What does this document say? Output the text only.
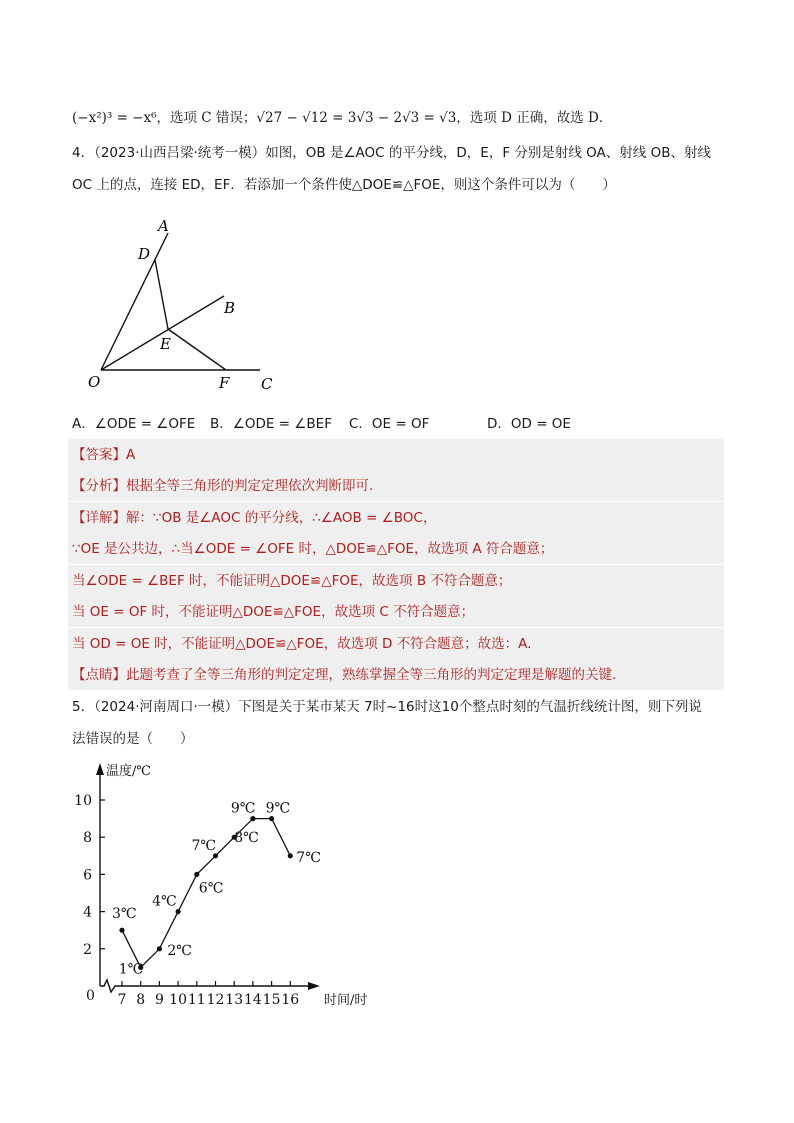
(−x²)³ = −x⁶，选项 C 错误；√27 − √12 = 3√3 − 2√3 = √3，选项 D 正确，故选 D．
4．（2023·山西吕梁·统考一模）如图，OB 是∠AOC 的平分线，D，E，F 分别是射线 OA、射线 OB、射线
OC 上的点，连接 ED，EF．若添加一个条件使△DOE≌△FOE，则这个条件可以为（　　）
A
D
B
E
O	F C
A．∠ODE = ∠OFE B．∠ODE = ∠BEF C．OE = OF	D．OD = OE
【答案】A
【分析】根据全等三角形的判定定理依次判断即可.
【详解】解：∵OB 是∠AOC 的平分线，∴∠AOB = ∠BOC，
∵OE 是公共边，∴当∠ODE = ∠OFE 时，△DOE≌△FOE，故选项 A 符合题意；
当∠ODE = ∠BEF 时，不能证明△DOE≌△FOE，故选项 B 不符合题意；
当 OE = OF 时，不能证明△DOE≌△FOE，故选项 C 不符合题意；
当 OD = OE 时，不能证明△DOE≌△FOE，故选项 D 不符合题意；故选：A.
【点睛】此题考查了全等三角形的判定定理，熟练掌握全等三角形的判定定理是解题的关键.
5．（2024·河南周口·一模）下图是关于某市某天 7时~16时这10个整点时刻的气温折线统计图，则下列说
法错误的是（　　）
温度/℃
时间/时
0
2
4
6
8
10
7 8 9 10 11 12 13 14 15 16
3℃
1℃
2℃
4℃
6℃
7℃ 8℃
9℃ 9℃
7℃
